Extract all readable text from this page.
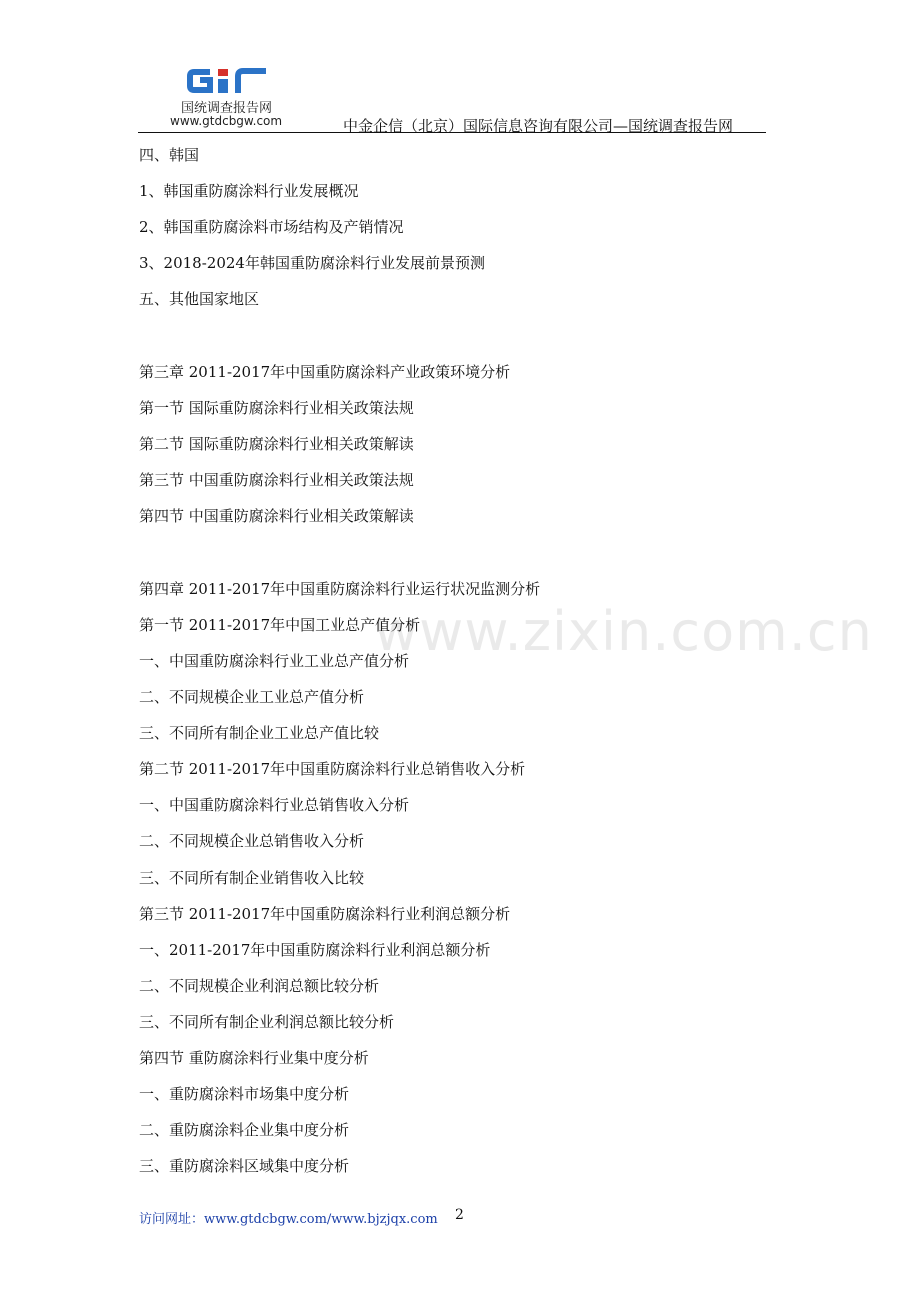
国统调查报告网
www.gtdcbgw.com	中金企信（北京）国际信息咨询有限公司—国统调查报告网
www.zixin.com.cn
四、韩国
1、韩国重防腐涂料行业发展概况
2、韩国重防腐涂料市场结构及产销情况
3、2018-2024年韩国重防腐涂料行业发展前景预测
五、其他国家地区
第三章 2011-2017年中国重防腐涂料产业政策环境分析
第一节 国际重防腐涂料行业相关政策法规
第二节 国际重防腐涂料行业相关政策解读
第三节 中国重防腐涂料行业相关政策法规
第四节 中国重防腐涂料行业相关政策解读
第四章 2011-2017年中国重防腐涂料行业运行状况监测分析
第一节 2011-2017年中国工业总产值分析
一、中国重防腐涂料行业工业总产值分析
二、不同规模企业工业总产值分析
三、不同所有制企业工业总产值比较
第二节 2011-2017年中国重防腐涂料行业总销售收入分析
一、中国重防腐涂料行业总销售收入分析
二、不同规模企业总销售收入分析
三、不同所有制企业销售收入比较
第三节 2011-2017年中国重防腐涂料行业利润总额分析
一、2011-2017年中国重防腐涂料行业利润总额分析
二、不同规模企业利润总额比较分析
三、不同所有制企业利润总额比较分析
第四节 重防腐涂料行业集中度分析
一、重防腐涂料市场集中度分析
二、重防腐涂料企业集中度分析
三、重防腐涂料区域集中度分析
访问网址：www.gtdcbgw.com/www.bjzjqx.com 2
